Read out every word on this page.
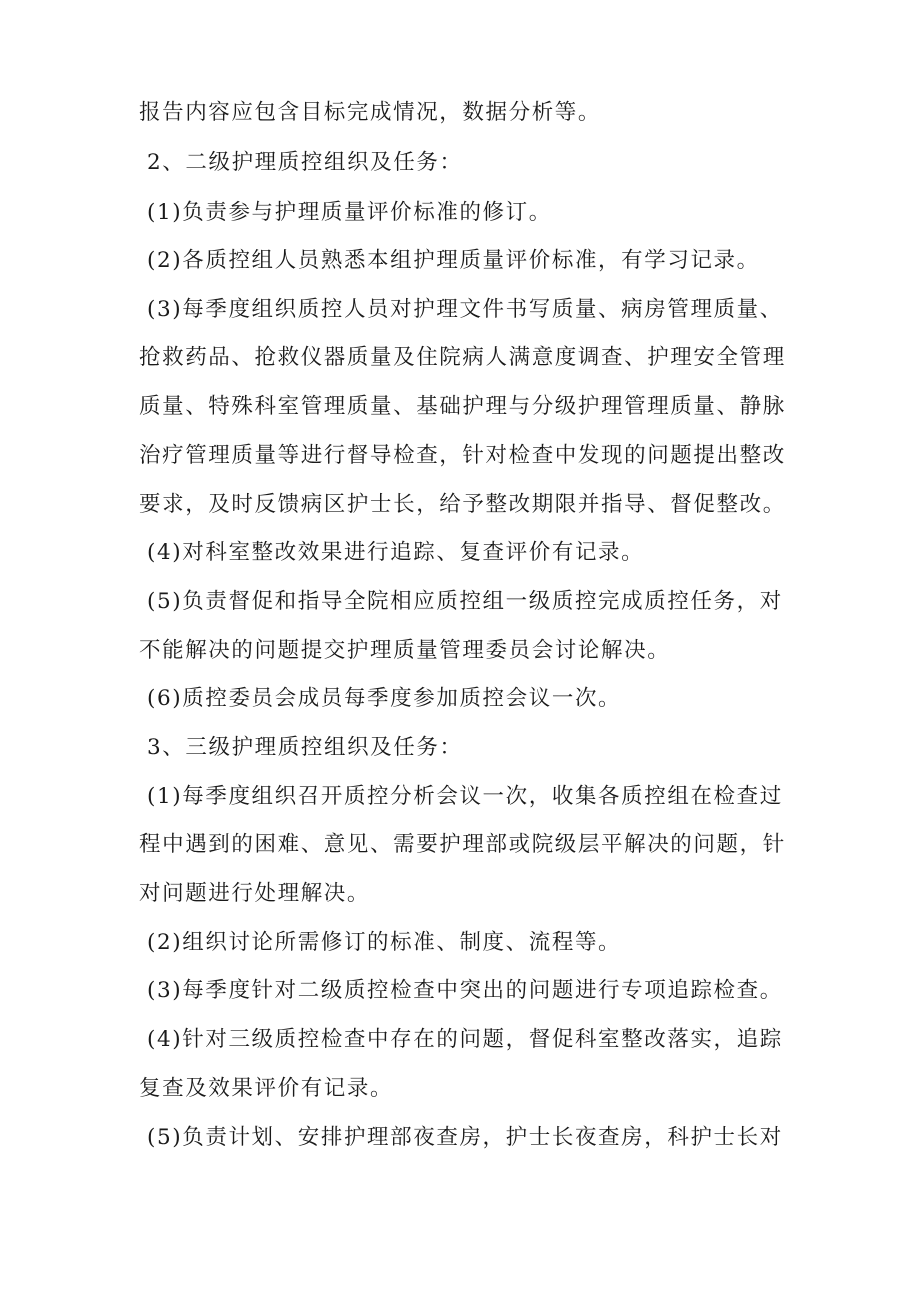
报告内容应包含目标完成情况，数据分析等。
2、二级护理质控组织及任务：
(1)负责参与护理质量评价标准的修订。
(2)各质控组人员熟悉本组护理质量评价标准，有学习记录。
(3)每季度组织质控人员对护理文件书写质量、病房管理质量、
抢救药品、抢救仪器质量及住院病人满意度调查、护理安全管理
质量、特殊科室管理质量、基础护理与分级护理管理质量、静脉
治疗管理质量等进行督导检查，针对检查中发现的问题提出整改
要求，及时反馈病区护士长，给予整改期限并指导、督促整改。
(4)对科室整改效果进行追踪、复查评价有记录。
(5)负责督促和指导全院相应质控组一级质控完成质控任务，对
不能解决的问题提交护理质量管理委员会讨论解决。
(6)质控委员会成员每季度参加质控会议一次。
3、三级护理质控组织及任务：
(1)每季度组织召开质控分析会议一次，收集各质控组在检查过
程中遇到的困难、意见、需要护理部或院级层平解决的问题，针
对问题进行处理解决。
(2)组织讨论所需修订的标准、制度、流程等。
(3)每季度针对二级质控检查中突出的问题进行专项追踪检查。
(4)针对三级质控检查中存在的问题，督促科室整改落实，追踪
复查及效果评价有记录。
(5)负责计划、安排护理部夜查房，护士长夜查房，科护士长对
